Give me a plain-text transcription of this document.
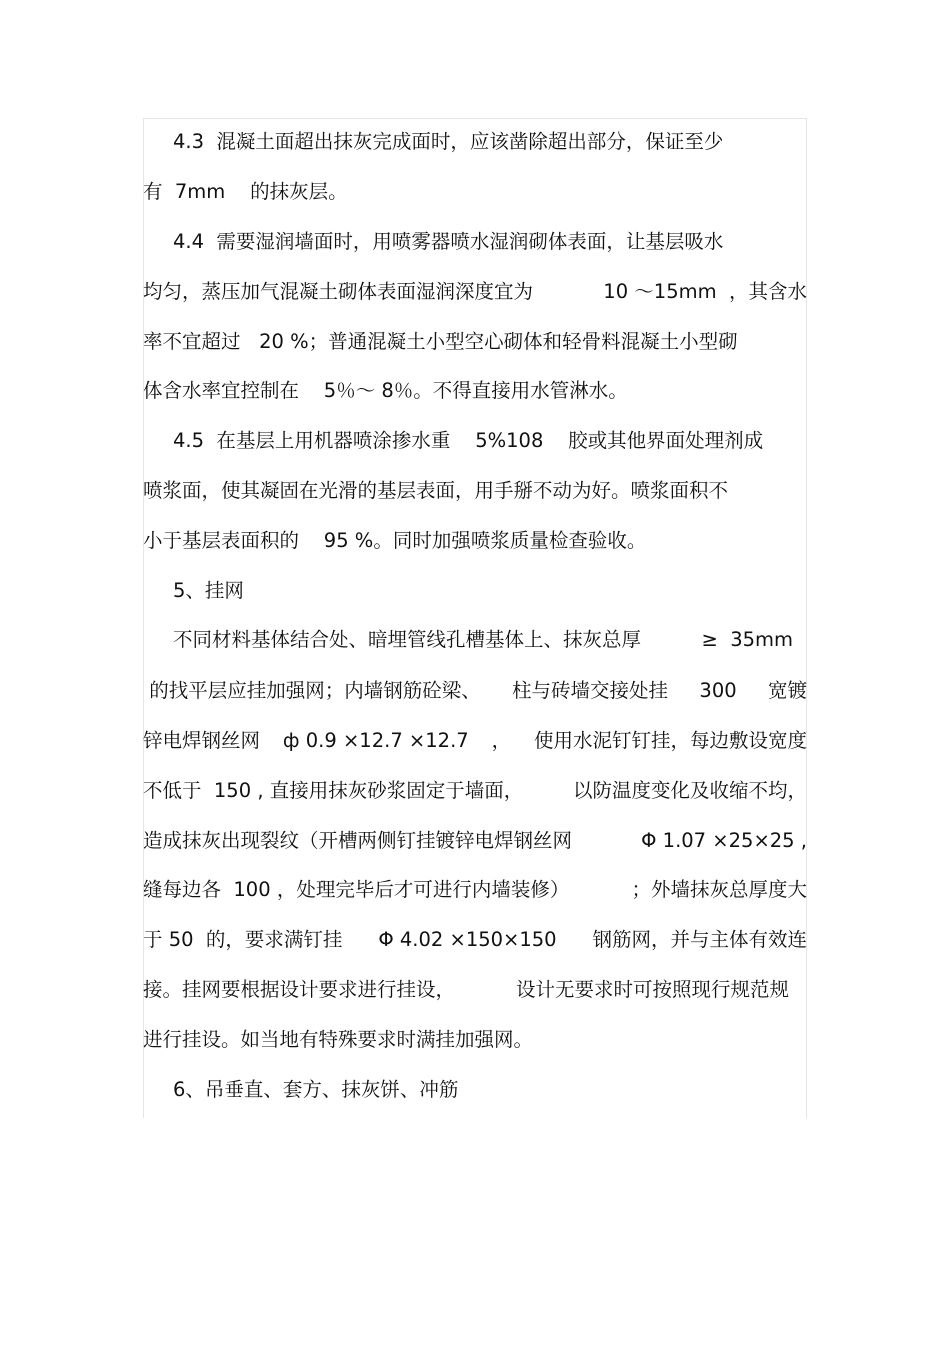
4.3  混凝土面超出抹灰完成面时，应该凿除超出部分，保证至少
有  7mm    的抹灰层。
4.4  需要湿润墙面时，用喷雾器喷水湿润砌体表面，让基层吸水
均匀，蒸压加气混凝土砌体表面湿润深度宜为	10 ～15mm  ，其含水
率不宜超过   20 %；普通混凝土小型空心砌体和轻骨料混凝土小型砌
体含水率宜控制在    5％～ 8％。不得直接用水管淋水。
4.5  在基层上用机器喷涂掺水重    5%108    胶或其他界面处理剂成
喷浆面，使其凝固在光滑的基层表面，用手掰不动为好。喷浆面积不
小于基层表面积的    95 %。同时加强喷浆质量检查验收。
5、挂网
不同材料基体结合处、暗埋管线孔槽基体上、抹灰总厚	≥  35mm
的找平层应挂加强网；内墙钢筋砼梁、 柱与砖墙交接处挂 300 宽镀
锌电焊钢丝网 ф 0.9 ×12.7 ×12.7 ， 使用水泥钉钉挂，每边敷设宽度
不低于  150 , 直接用抹灰砂浆固定于墙面，	以防温度变化及收缩不均，
造成抹灰出现裂纹（开槽两侧钉挂镀锌电焊钢丝网	Φ 1.07 ×25×25 ,
缝每边各  100 ，处理完毕后才可进行内墙装修）	；外墙抹灰总厚度大
于 50  的，要求满钉挂 Φ 4.02 ×150×150 钢筋网，并与主体有效连
接。挂网要根据设计要求进行挂设，	设计无要求时可按照现行规范规
进行挂设。如当地有特殊要求时满挂加强网。
6、吊垂直、套方、抹灰饼、冲筋
